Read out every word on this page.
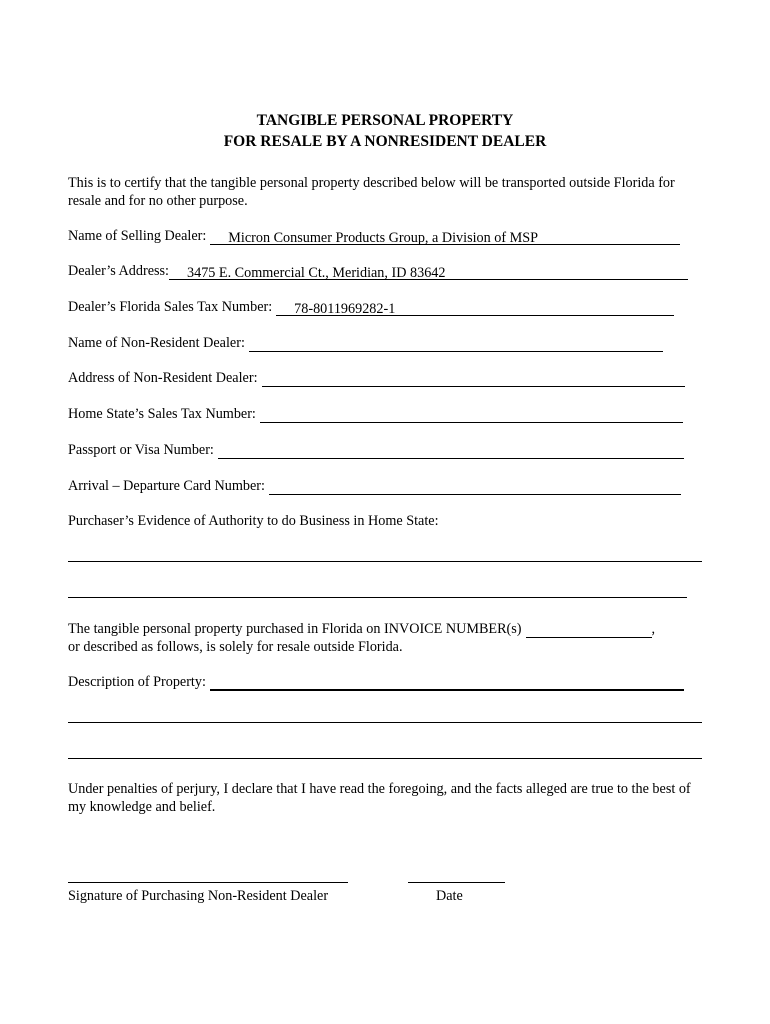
TANGIBLE PERSONAL PROPERTY
FOR RESALE BY A NONRESIDENT DEALER
This is to certify that the tangible personal property described below will be transported outside Florida for resale and for no other purpose.
Name of Selling Dealer:	Micron Consumer Products Group, a Division of MSP
Dealer’s Address:	3475 E. Commercial Ct., Meridian, ID 83642
Dealer’s Florida Sales Tax Number:	78-8011969282-1
Name of Non-Resident Dealer:
Address of Non-Resident Dealer:
Home State’s Sales Tax Number:
Passport or Visa Number:
Arrival – Departure Card Number:
Purchaser’s Evidence of Authority to do Business in Home State:
The tangible personal property purchased in Florida on INVOICE NUMBER(s)	,
or described as follows, is solely for resale outside Florida.
Description of Property:
Under penalties of perjury, I declare that I have read the foregoing, and the facts alleged are true to the best of my knowledge and belief.
Signature of Purchasing Non-Resident Dealer	Date
